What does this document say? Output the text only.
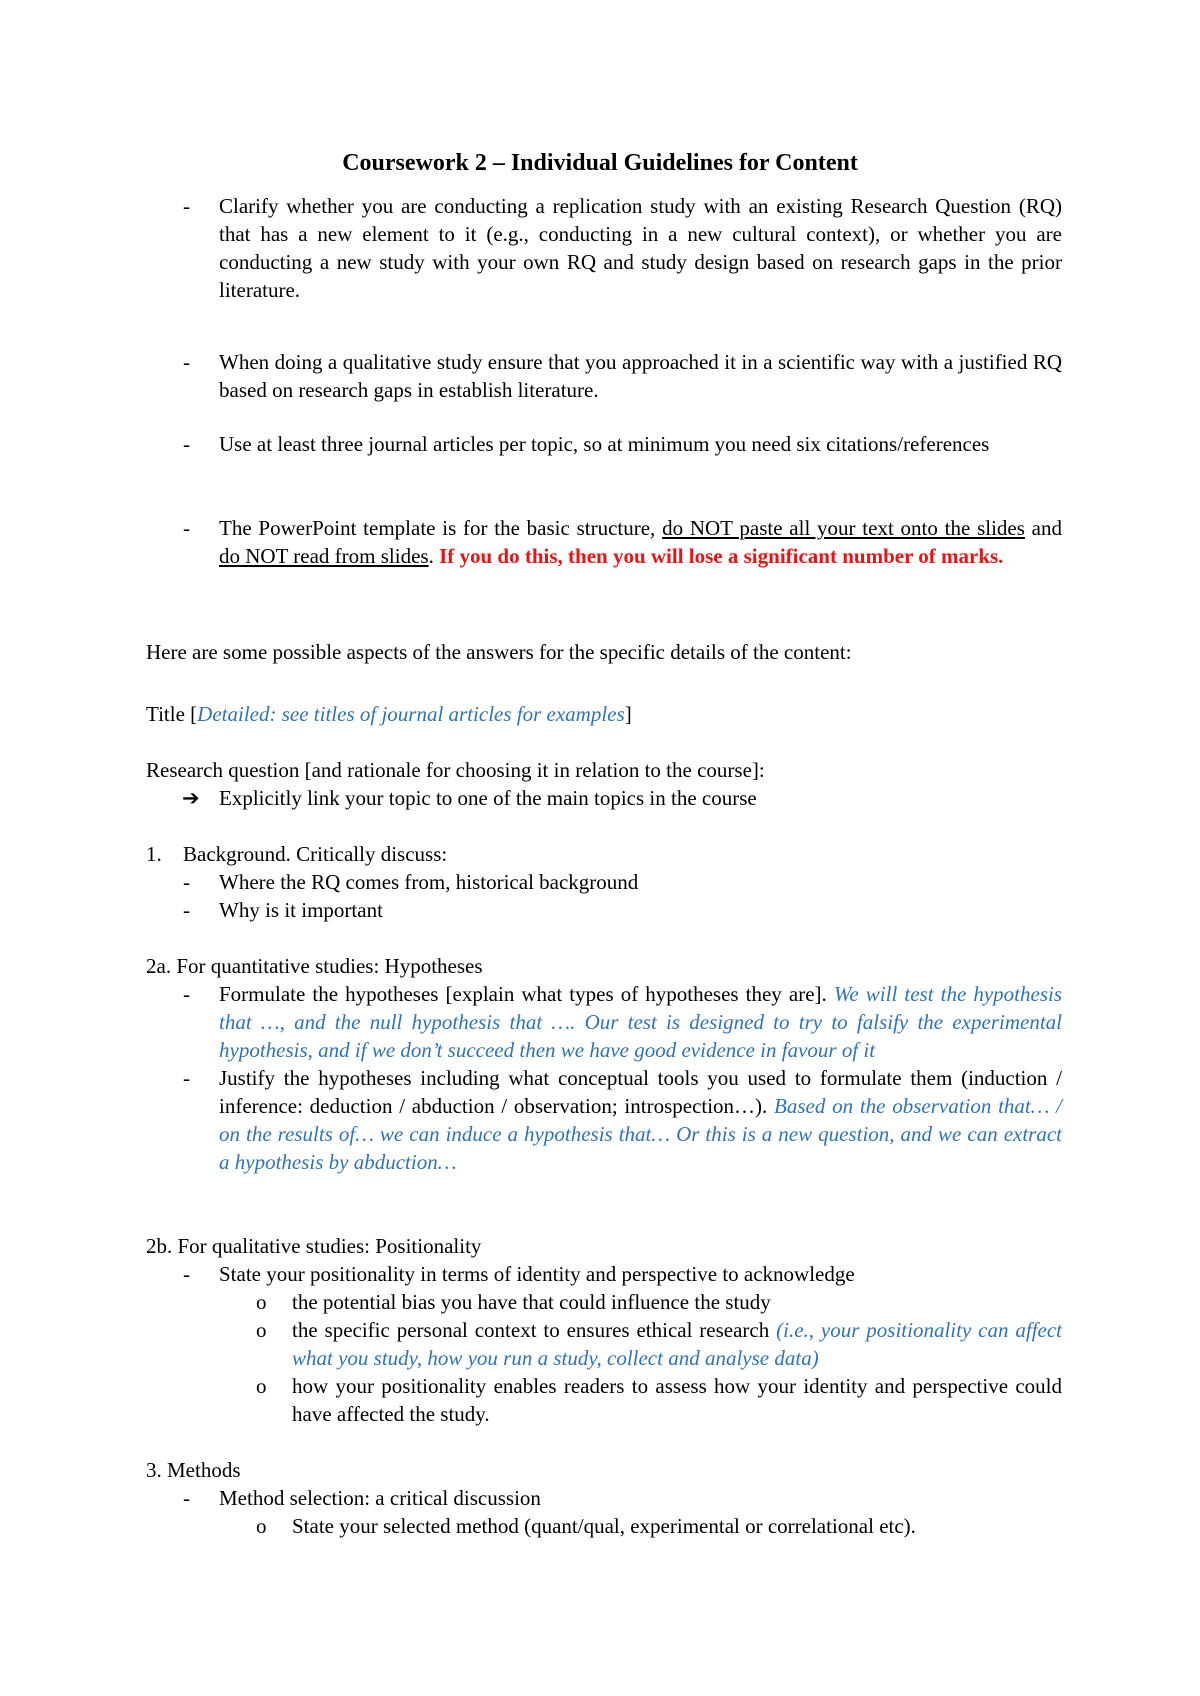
Coursework 2 – Individual Guidelines for Content
- Clarify whether you are conducting a replication study with an existing Research Question (RQ) that has a new element to it (e.g., conducting in a new cultural context), or whether you are conducting a new study with your own RQ and study design based on research gaps in the prior literature.
- When doing a qualitative study ensure that you approached it in a scientific way with a justified RQ based on research gaps in establish literature.
- Use at least three journal articles per topic, so at minimum you need six citations/references
- The PowerPoint template is for the basic structure, do NOT paste all your text onto the slides and do NOT read from slides. If you do this, then you will lose a significant number of marks.
Here are some possible aspects of the answers for the specific details of the content:
Title [Detailed: see titles of journal articles for examples]
Research question [and rationale for choosing it in relation to the course]:
➔ Explicitly link your topic to one of the main topics in the course
1. Background. Critically discuss:
- Where the RQ comes from, historical background
- Why is it important
2a. For quantitative studies: Hypotheses
- Formulate the hypotheses [explain what types of hypotheses they are]. We will test the hypothesis that …, and the null hypothesis that …. Our test is designed to try to falsify the experimental hypothesis, and if we don’t succeed then we have good evidence in favour of it
- Justify the hypotheses including what conceptual tools you used to formulate them (induction / inference: deduction / abduction / observation; introspection…). Based on the observation that… / on the results of… we can induce a hypothesis that… Or this is a new question, and we can extract a hypothesis by abduction…
2b. For qualitative studies: Positionality
- State your positionality in terms of identity and perspective to acknowledge
o the potential bias you have that could influence the study
o the specific personal context to ensures ethical research (i.e., your positionality can affect what you study, how you run a study, collect and analyse data)
o how your positionality enables readers to assess how your identity and perspective could have affected the study.
3. Methods
- Method selection: a critical discussion
o State your selected method (quant/qual, experimental or correlational etc).
